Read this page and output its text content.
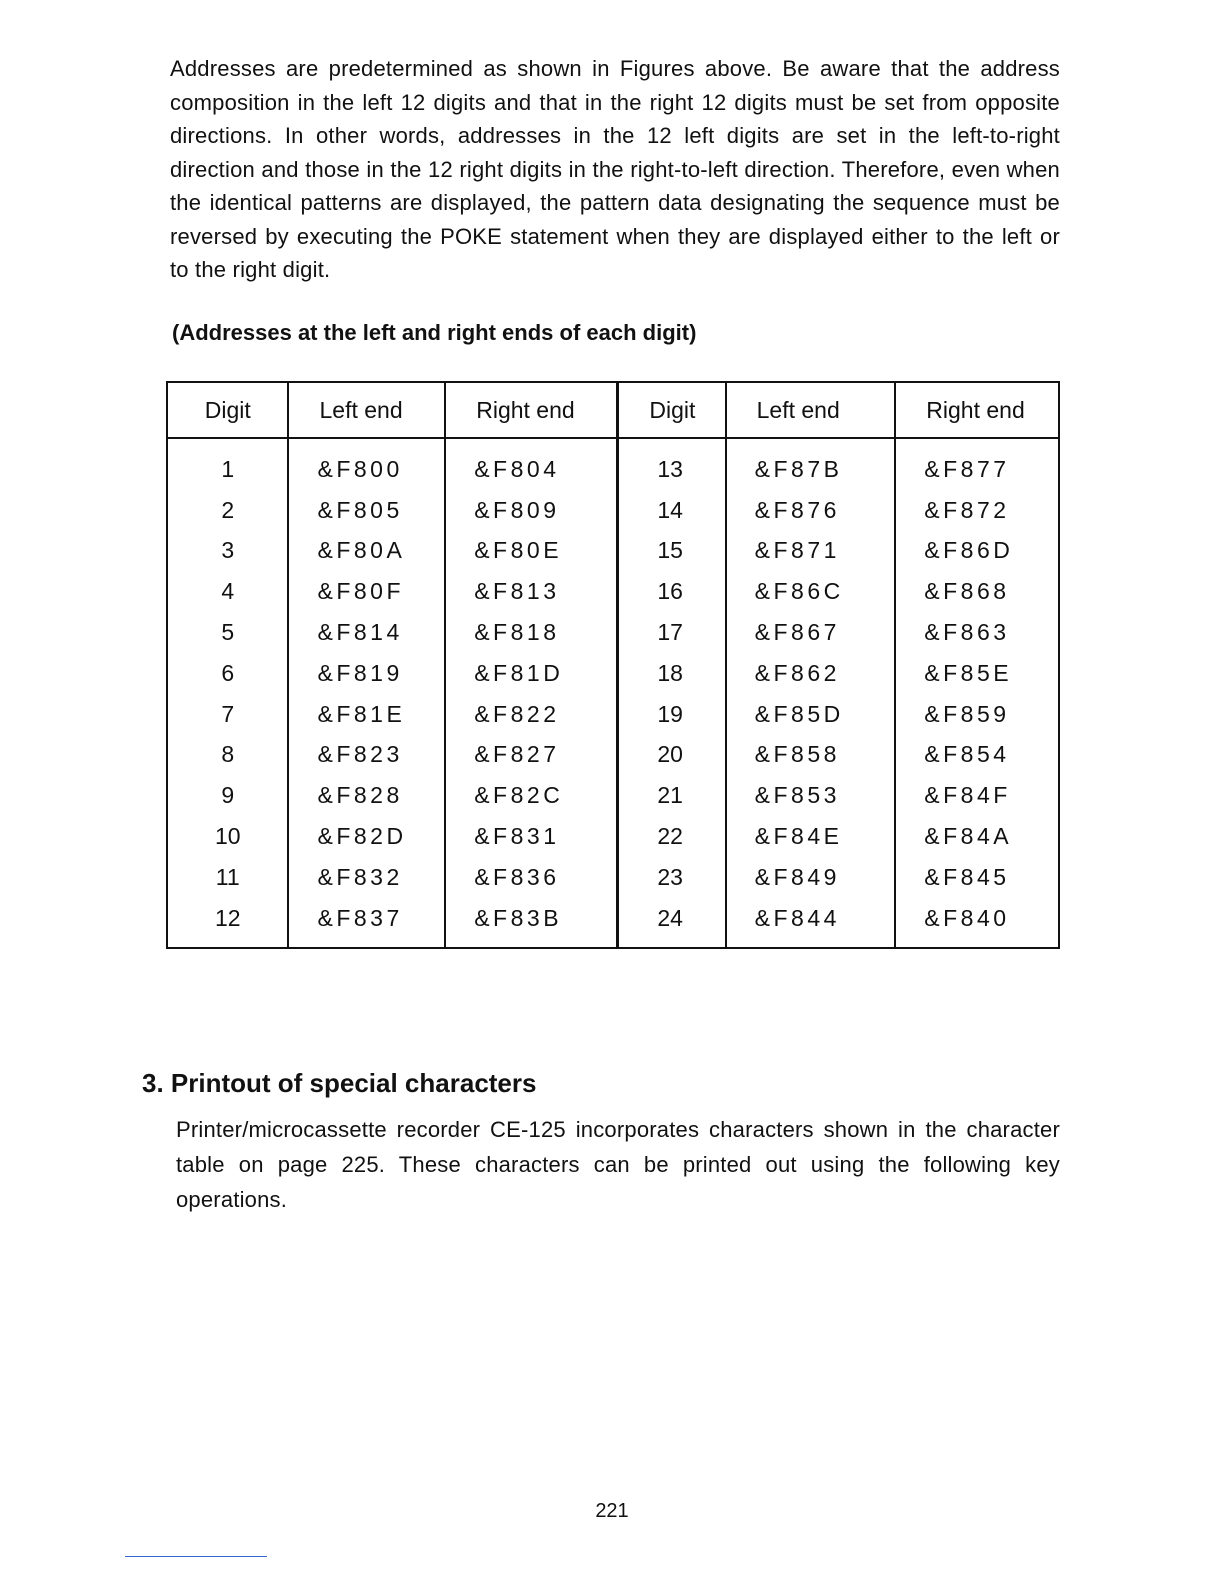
Addresses are predetermined as shown in Figures above. Be aware that the address composition in the left 12 digits and that in the right 12 digits must be set from opposite directions. In other words, addresses in the 12 left digits are set in the left-to-right direction and those in the 12 right digits in the right-to-left direction. Therefore, even when the identical patterns are displayed, the pattern data designating the sequence must be reversed by executing the POKE statement when they are displayed either to the left or to the right digit.

(Addresses at the left and right ends of each digit)

Digit	Left end	Right end	Digit	Left end	Right end
1	&F800	&F804	13	&F87B	&F877
2	&F805	&F809	14	&F876	&F872
3	&F80A	&F80E	15	&F871	&F86D
4	&F80F	&F813	16	&F86C	&F868
5	&F814	&F818	17	&F867	&F863
6	&F819	&F81D	18	&F862	&F85E
7	&F81E	&F822	19	&F85D	&F859
8	&F823	&F827	20	&F858	&F854
9	&F828	&F82C	21	&F853	&F84F
10	&F82D	&F831	22	&F84E	&F84A
11	&F832	&F836	23	&F849	&F845
12	&F837	&F83B	24	&F844	&F840
3. Printout of special characters

Printer/microcassette recorder CE-125 incorporates characters shown in the character table on page 225. These characters can be printed out using the following key operations.

221
